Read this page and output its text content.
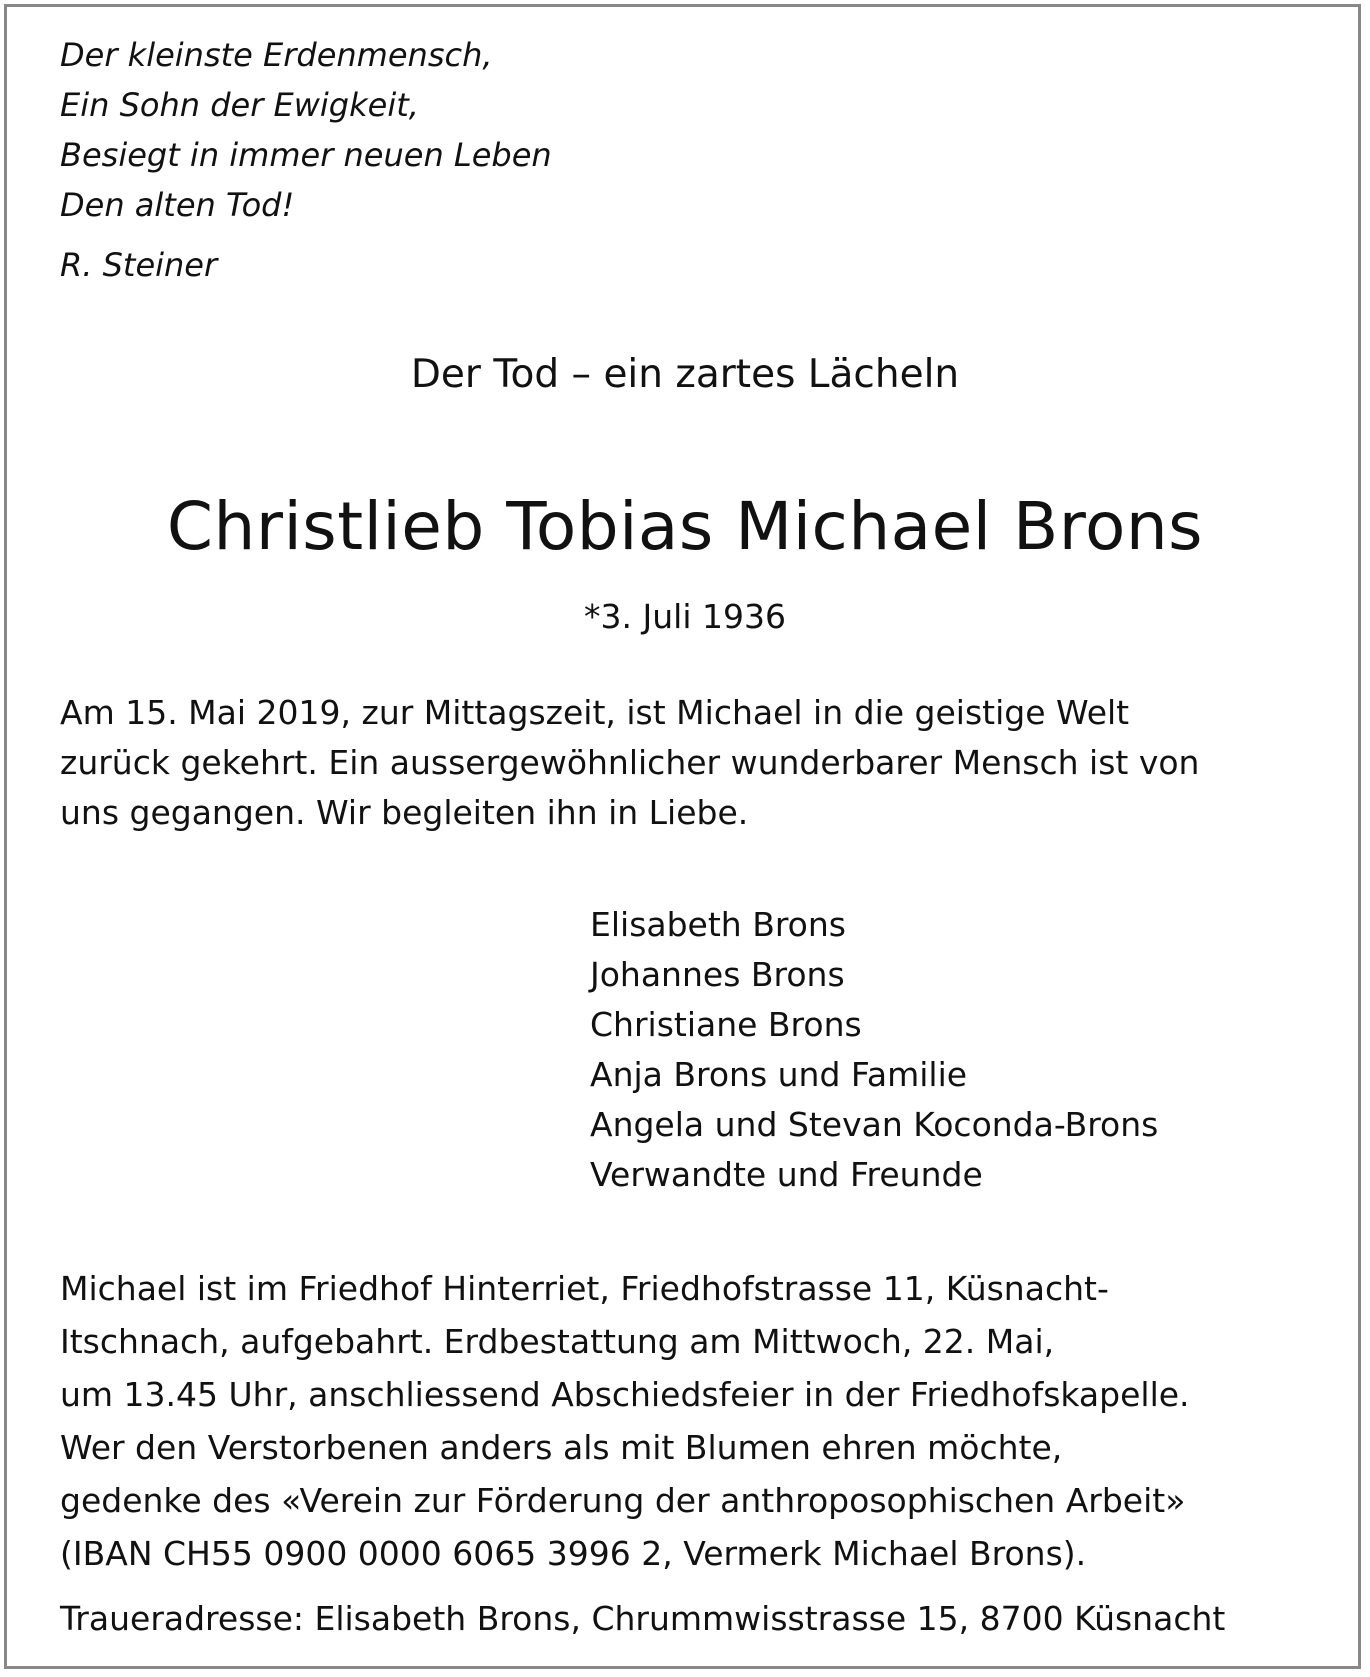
Der kleinste Erdenmensch,
Ein Sohn der Ewigkeit,
Besiegt in immer neuen Leben
Den alten Tod!
R. Steiner
Der Tod – ein zartes Lächeln
Christlieb Tobias Michael Brons
*3. Juli 1936
Am 15. Mai 2019, zur Mittagszeit, ist Michael in die geistige Welt
zurück gekehrt. Ein aussergewöhnlicher wunderbarer Mensch ist von
uns gegangen. Wir begleiten ihn in Liebe.
Elisabeth Brons
Johannes Brons
Christiane Brons
Anja Brons und Familie
Angela und Stevan Koconda-Brons
Verwandte und Freunde
Michael ist im Friedhof Hinterriet, Friedhofstrasse 11, Küsnacht-
Itschnach, aufgebahrt. Erdbestattung am Mittwoch, 22. Mai,
um 13.45 Uhr, anschliessend Abschiedsfeier in der Friedhofskapelle.
Wer den Verstorbenen anders als mit Blumen ehren möchte,
gedenke des «Verein zur Förderung der anthroposophischen Arbeit»
(IBAN CH55 0900 0000 6065 3996 2, Vermerk Michael Brons).
Traueradresse: Elisabeth Brons, Chrummwisstrasse 15, 8700 Küsnacht
